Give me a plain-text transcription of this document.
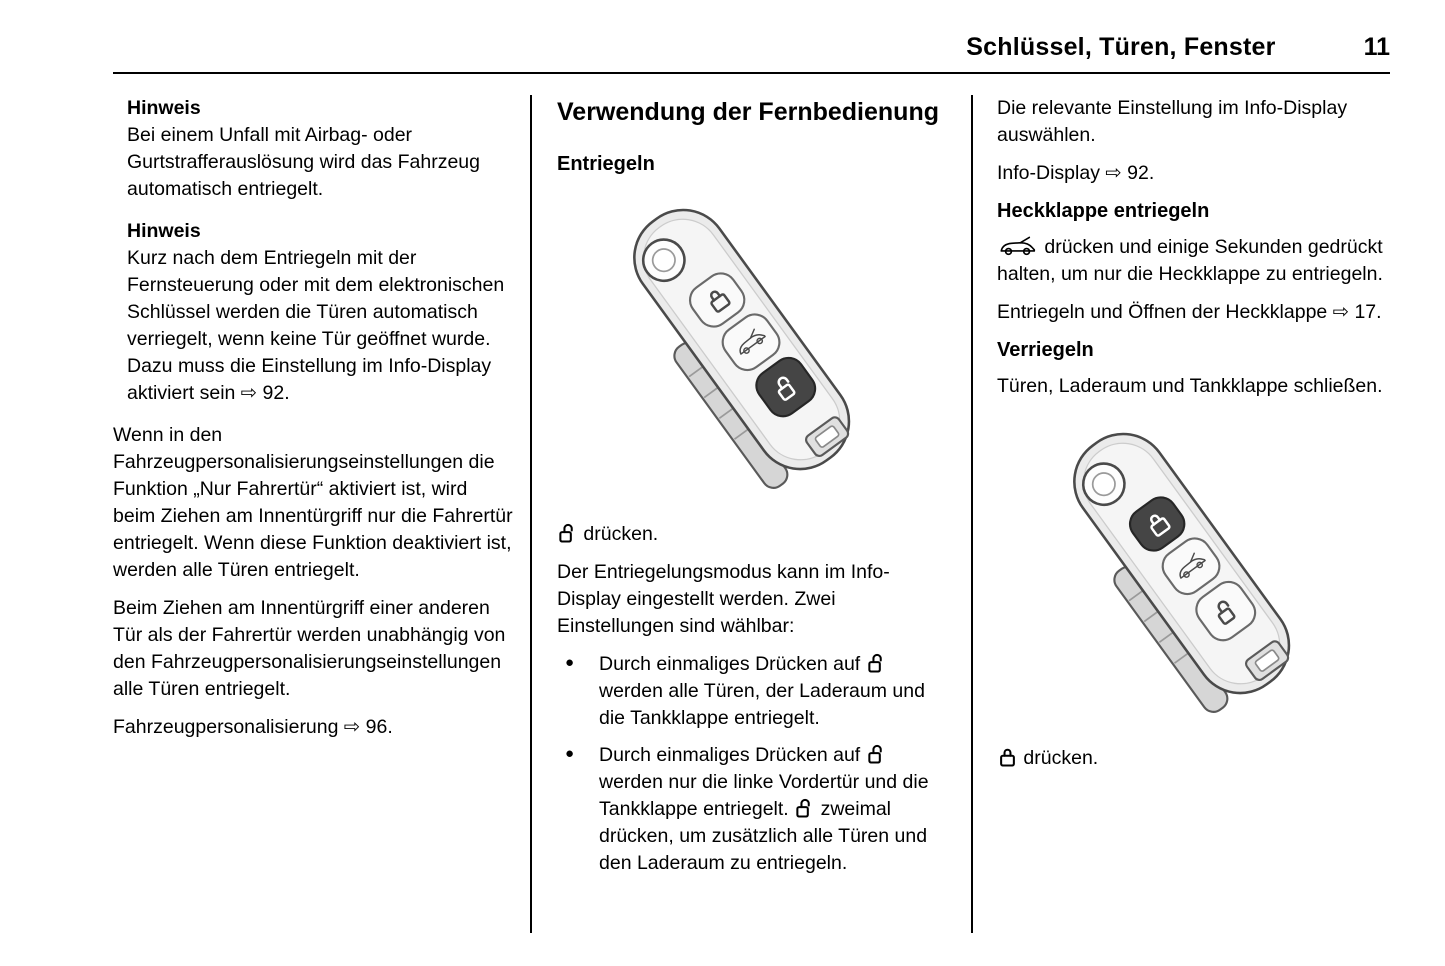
Schlüssel, Türen, Fenster	11

Hinweis

Bei einem Unfall mit Airbag- oder Gurtstrafferauslösung wird das Fahrzeug automatisch entriegelt.

Hinweis

Kurz nach dem Entriegeln mit der Fernsteuerung oder mit dem elektronischen Schlüssel werden die Türen automatisch verriegelt, wenn keine Tür geöffnet wurde. Dazu muss die Einstellung im Info-Display aktiviert sein ⇨ 92.

Wenn in den Fahrzeugpersonalisierungseinstellungen die Funktion „Nur Fahrertür“ aktiviert ist, wird beim Ziehen am Innentürgriff nur die Fahrertür entriegelt. Wenn diese Funktion deaktiviert ist, werden alle Türen entriegelt.

Beim Ziehen am Innentürgriff einer anderen Tür als der Fahrertür werden unabhängig von den Fahrzeugpersonalisierungseinstellungen alle Türen entriegelt.

Fahrzeugpersonalisierung ⇨ 96.

Verwendung der Fernbedienung
Entriegeln

drücken.

Der Entriegelungsmodus kann im Info-Display eingestellt werden. Zwei Einstellungen sind wählbar:

● Durch einmaliges Drücken auf  werden alle Türen, der Laderaum und die Tankklappe entriegelt.
● Durch einmaliges Drücken auf  werden nur die linke Vordertür und die Tankklappe entriegelt. zweimal drücken, um zusätzlich alle Türen und den Laderaum zu entriegeln.

Die relevante Einstellung im Info-Display auswählen.

Info-Display ⇨ 92.

Heckklappe entriegeln

drücken und einige Sekunden gedrückt halten, um nur die Heckklappe zu entriegeln.

Entriegeln und Öffnen der Heckklappe ⇨ 17.

Verriegeln

Türen, Laderaum und Tankklappe schließen.

drücken.
